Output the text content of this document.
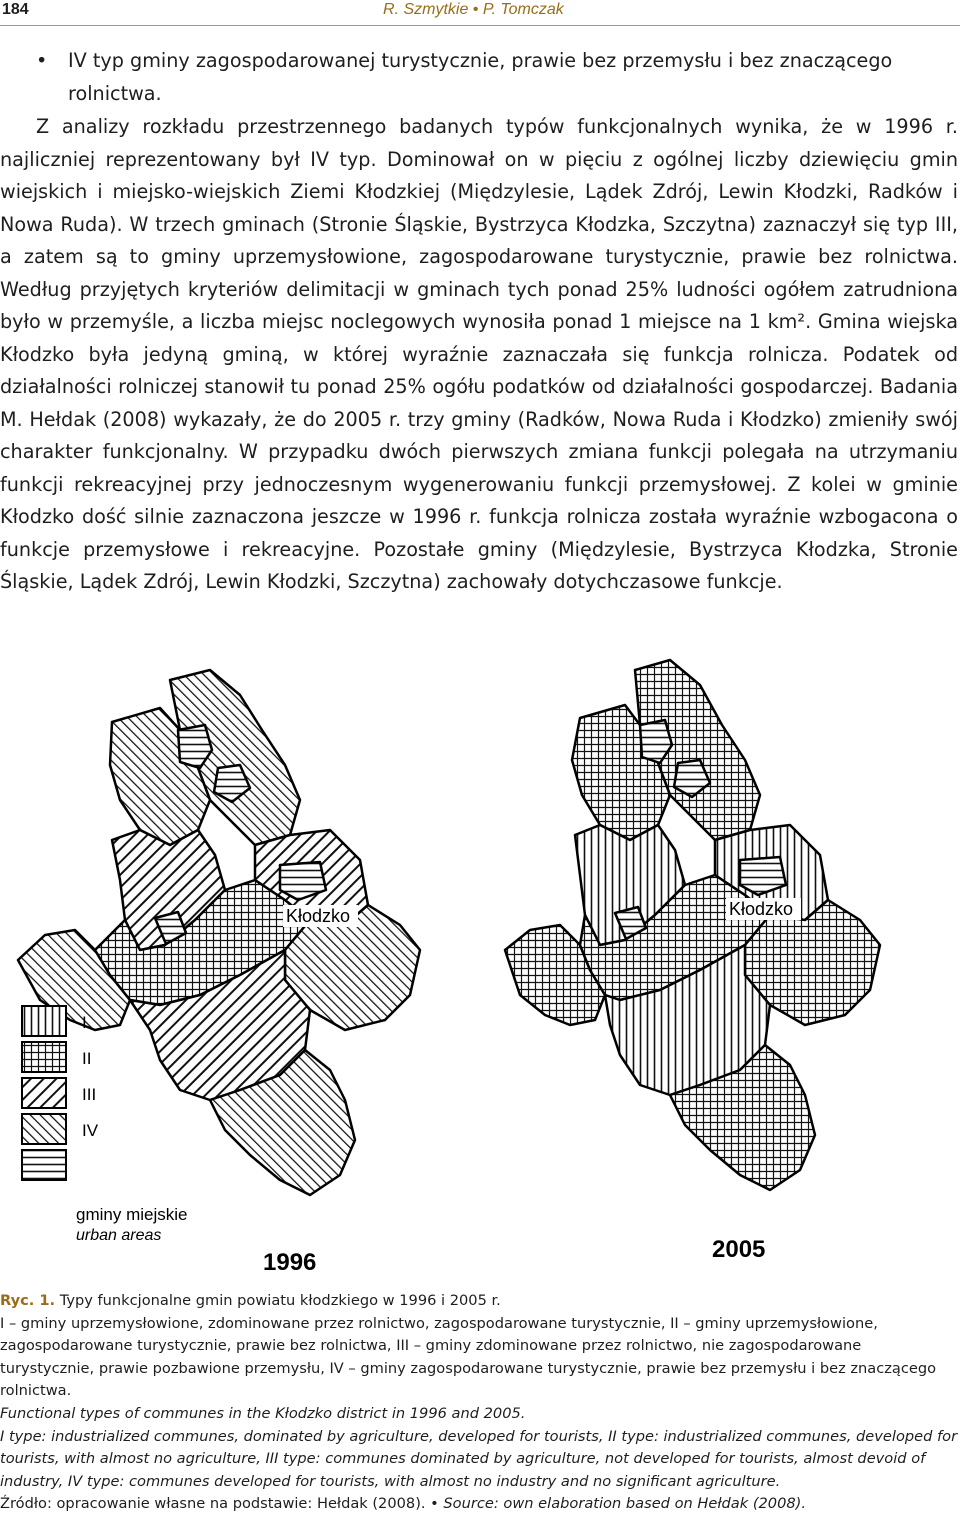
184	R. Szmytkie • P. Tomczak
• IV typ gminy zagospodarowanej turystycznie, prawie bez przemysłu i bez znaczącego rolnictwa.

Z analizy rozkładu przestrzennego badanych typów funkcjonalnych wynika, że w 1996 r. najliczniej reprezentowany był IV typ. Dominował on w pięciu z ogólnej liczby dziewięciu gmin wiejskich i miejsko-wiejskich Ziemi Kłodzkiej (Międzylesie, Lądek Zdrój, Lewin Kłodzki, Radków i Nowa Ruda). W trzech gminach (Stronie Śląskie, Bystrzyca Kłodzka, Szczytna) zaznaczył się typ III, a zatem są to gminy uprzemysłowione, zagospodarowane turystycznie, prawie bez rolnictwa. Według przyjętych kryteriów delimitacji w gminach tych ponad 25% ludności ogółem zatrudniona było w przemyśle, a liczba miejsc noclegowych wynosiła ponad 1 miejsce na 1 km². Gmina wiejska Kłodzko była jedyną gminą, w której wyraźnie zaznaczała się funkcja rolnicza. Podatek od działalności rolniczej stanowił tu ponad 25% ogółu podatków od działalności gospodarczej. Badania M. Hełdak (2008) wykazały, że do 2005 r. trzy gminy (Radków, Nowa Ruda i Kłodzko) zmieniły swój charakter funkcjonalny. W przypadku dwóch pierwszych zmiana funkcji polegała na utrzymaniu funkcji rekreacyjnej przy jednoczesnym wygenerowaniu funkcji przemysłowej. Z kolei w gminie Kłodzko dość silnie zaznaczona jeszcze w 1996 r. funkcja rolnicza została wyraźnie wzbogacona o funkcje przemysłowe i rekreacyjne. Pozostałe gminy (Międzylesie, Bystrzyca Kłodzka, Stronie Śląskie, Lądek Zdrój, Lewin Kłodzki, Szczytna) zachowały dotychczasowe funkcje.

Kłodzko
1996
Kłodzko
2005
I
II
III
IV
gminy miejskie
urban areas

Ryc. 1. Typy funkcjonalne gmin powiatu kłodzkiego w 1996 i 2005 r.

I – gminy uprzemysłowione, zdominowane przez rolnictwo, zagospodarowane turystycznie, II – gminy uprzemysłowione, zagospodarowane turystycznie, prawie bez rolnictwa, III – gminy zdominowane przez rolnictwo, nie zagospodarowane turystycznie, prawie pozbawione przemysłu, IV – gminy zagospodarowane turystycznie, prawie bez przemysłu i bez znaczącego rolnictwa.

Functional types of communes in the Kłodzko district in 1996 and 2005.

I type: industrialized communes, dominated by agriculture, developed for tourists, II type: industrialized communes, developed for tourists, with almost no agriculture, III type: communes dominated by agriculture, not developed for tourists, almost devoid of industry, IV type: communes developed for tourists, with almost no industry and no significant agriculture.

Źródło: opracowanie własne na podstawie: Hełdak (2008). • Source: own elaboration based on Hełdak (2008).
